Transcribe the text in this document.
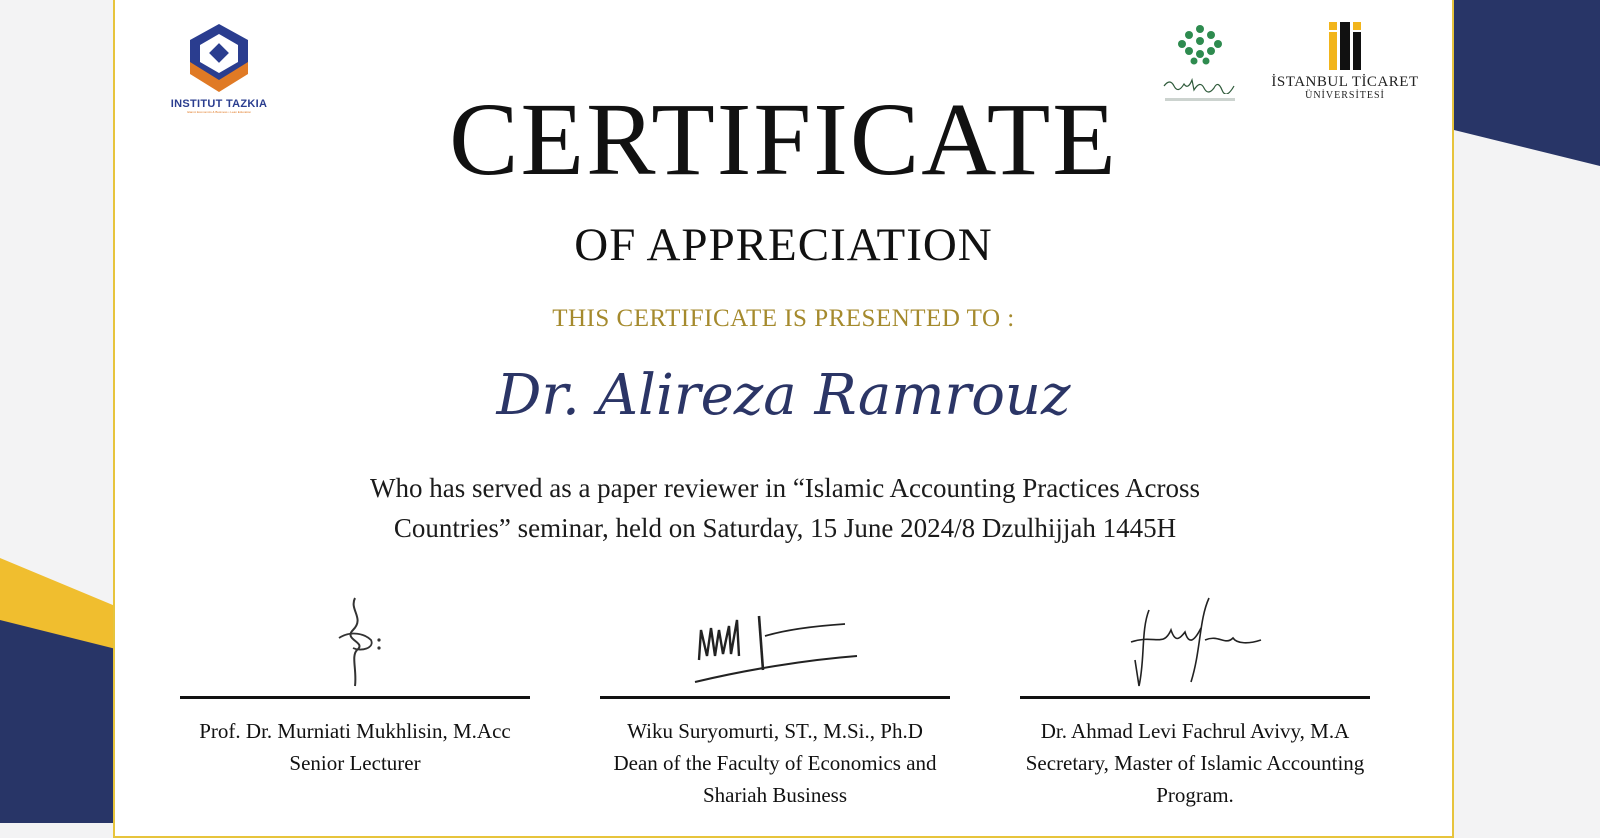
INSTITUT TAZKIA
Islamic Economics & Business • Lean Education

İSTANBUL TİCARET
ÜNİVERSİTESİ
CERTIFICATE
OF APPRECIATION
THIS CERTIFICATE IS PRESENTED TO :
Dr. Alireza Ramrouz
Who has served as a paper reviewer in “Islamic Accounting Practices Across
Countries” seminar, held on Saturday, 15 June 2024/8 Dzulhijjah 1445H
Prof. Dr. Murniati Mukhlisin, M.Acc
Senior Lecturer
Wiku Suryomurti, ST., M.Si., Ph.D
Dean of the Faculty of Economics and
Shariah Business
Dr. Ahmad Levi Fachrul Avivy, M.A
Secretary, Master of Islamic Accounting
Program.
